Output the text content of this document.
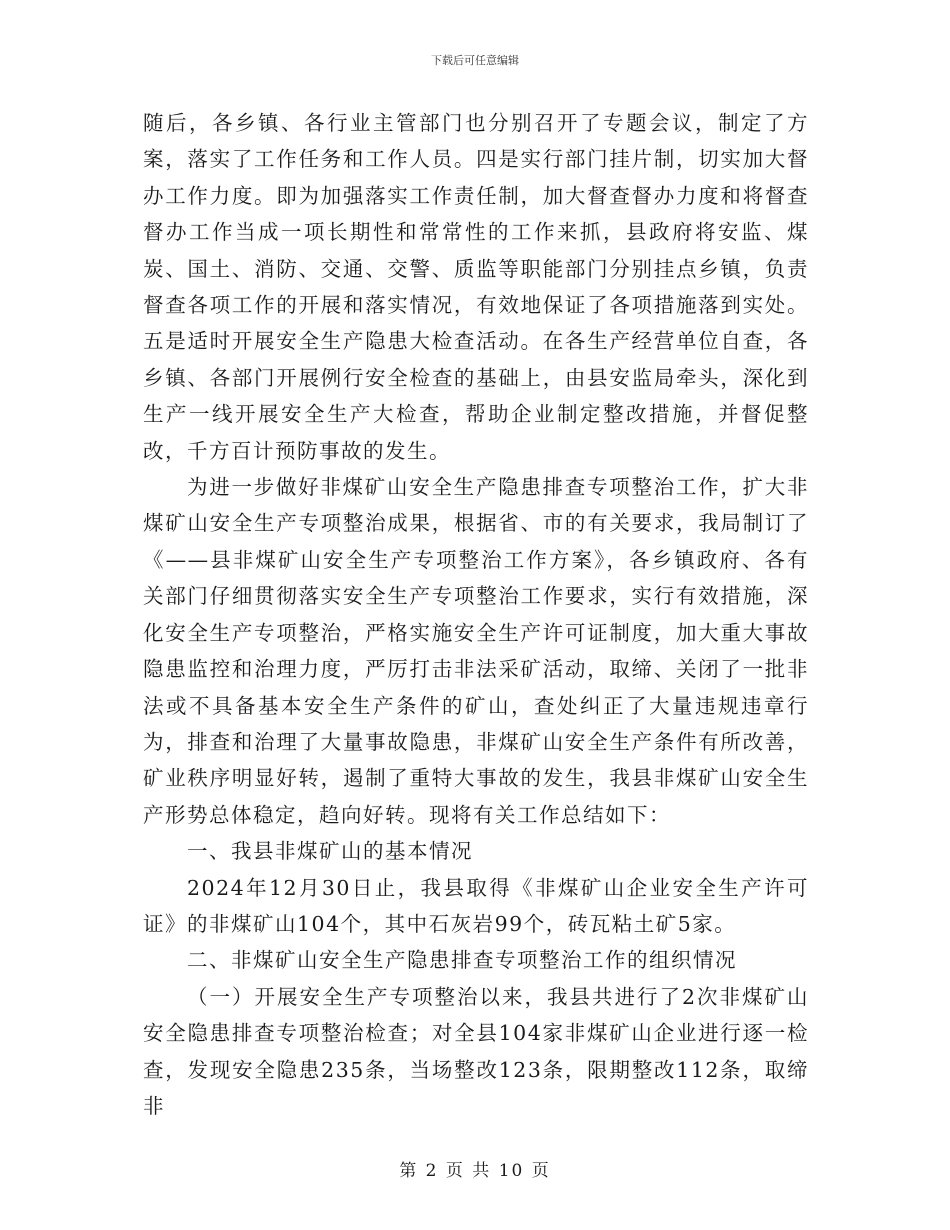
下载后可任意编辑

随后，各乡镇、各行业主管部门也分别召开了专题会议，制定了方案，落实了工作任务和工作人员。四是实行部门挂片制，切实加大督办工作力度。即为加强落实工作责任制，加大督查督办力度和将督查督办工作当成一项长期性和常常性的工作来抓，县政府将安监、煤炭、国土、消防、交通、交警、质监等职能部门分别挂点乡镇，负责督查各项工作的开展和落实情况，有效地保证了各项措施落到实处。五是适时开展安全生产隐患大检查活动。在各生产经营单位自查，各乡镇、各部门开展例行安全检查的基础上，由县安监局牵头，深化到生产一线开展安全生产大检查，帮助企业制定整改措施，并督促整改，千方百计预防事故的发生。

为进一步做好非煤矿山安全生产隐患排查专项整治工作，扩大非煤矿山安全生产专项整治成果，根据省、市的有关要求，我局制订了《——县非煤矿山安全生产专项整治工作方案》，各乡镇政府、各有关部门仔细贯彻落实安全生产专项整治工作要求，实行有效措施，深化安全生产专项整治，严格实施安全生产许可证制度，加大重大事故隐患监控和治理力度，严厉打击非法采矿活动，取缔、关闭了一批非法或不具备基本安全生产条件的矿山，查处纠正了大量违规违章行为，排查和治理了大量事故隐患，非煤矿山安全生产条件有所改善，矿业秩序明显好转，遏制了重特大事故的发生，我县非煤矿山安全生产形势总体稳定，趋向好转。现将有关工作总结如下：

一、我县非煤矿山的基本情况

2024年12月30日止，我县取得《非煤矿山企业安全生产许可证》的非煤矿山104个，其中石灰岩99个，砖瓦粘土矿5家。

二、非煤矿山安全生产隐患排查专项整治工作的组织情况

（一）开展安全生产专项整治以来，我县共进行了2次非煤矿山安全隐患排查专项整治检查；对全县104家非煤矿山企业进行逐一检查，发现安全隐患235条，当场整改123条，限期整改112条，取缔非

第 2 页 共 10 页
